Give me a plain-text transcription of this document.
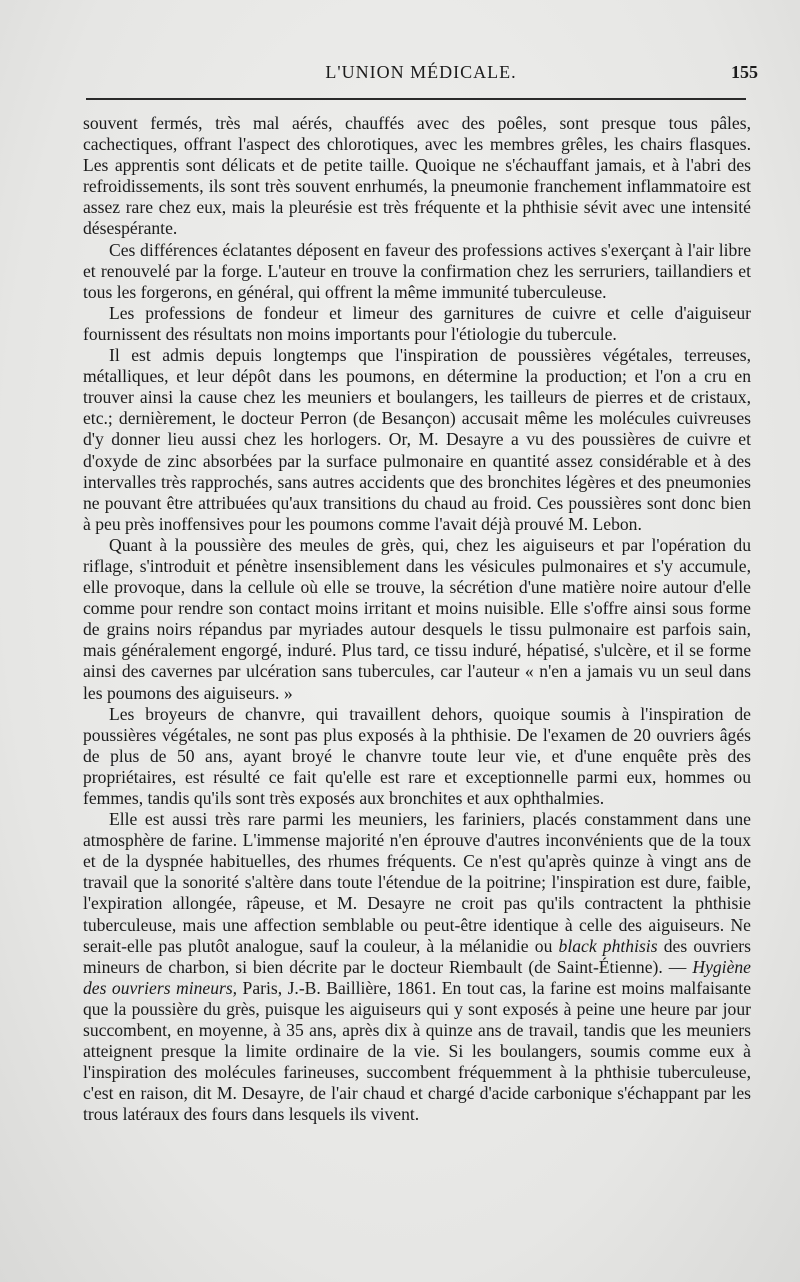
L'UNION MÉDICALE.	155

souvent fermés, très mal aérés, chauffés avec des poêles, sont presque tous pâles, cachectiques, offrant l'aspect des chlorotiques, avec les membres grêles, les chairs flasques. Les apprentis sont délicats et de petite taille. Quoique ne s'échauffant jamais, et à l'abri des refroidissements, ils sont très souvent enrhumés, la pneumonie franchement inflammatoire est assez rare chez eux, mais la pleurésie est très fréquente et la phthisie sévit avec une intensité désespérante.

Ces différences éclatantes déposent en faveur des professions actives s'exerçant à l'air libre et renouvelé par la forge. L'auteur en trouve la confirmation chez les serruriers, taillandiers et tous les forgerons, en général, qui offrent la même immunité tuberculeuse.

Les professions de fondeur et limeur des garnitures de cuivre et celle d'aiguiseur fournissent des résultats non moins importants pour l'étiologie du tubercule.

Il est admis depuis longtemps que l'inspiration de poussières végétales, terreuses, métalliques, et leur dépôt dans les poumons, en détermine la production; et l'on a cru en trouver ainsi la cause chez les meuniers et boulangers, les tailleurs de pierres et de cristaux, etc.; dernièrement, le docteur Perron (de Besançon) accusait même les molécules cuivreuses d'y donner lieu aussi chez les horlogers. Or, M. Desayre a vu des poussières de cuivre et d'oxyde de zinc absorbées par la surface pulmonaire en quantité assez considérable et à des intervalles très rapprochés, sans autres accidents que des bronchites légères et des pneumonies ne pouvant être attribuées qu'aux transitions du chaud au froid. Ces poussières sont donc bien à peu près inoffensives pour les poumons comme l'avait déjà prouvé M. Lebon.

Quant à la poussière des meules de grès, qui, chez les aiguiseurs et par l'opération du riflage, s'introduit et pénètre insensiblement dans les vésicules pulmonaires et s'y accumule, elle provoque, dans la cellule où elle se trouve, la sécrétion d'une matière noire autour d'elle comme pour rendre son contact moins irritant et moins nuisible. Elle s'offre ainsi sous forme de grains noirs répandus par myriades autour desquels le tissu pulmonaire est parfois sain, mais généralement engorgé, induré. Plus tard, ce tissu induré, hépatisé, s'ulcère, et il se forme ainsi des cavernes par ulcération sans tubercules, car l'auteur « n'en a jamais vu un seul dans les poumons des aiguiseurs. »

Les broyeurs de chanvre, qui travaillent dehors, quoique soumis à l'inspiration de poussières végétales, ne sont pas plus exposés à la phthisie. De l'examen de 20 ouvriers âgés de plus de 50 ans, ayant broyé le chanvre toute leur vie, et d'une enquête près des propriétaires, est résulté ce fait qu'elle est rare et exceptionnelle parmi eux, hommes ou femmes, tandis qu'ils sont très exposés aux bronchites et aux ophthalmies.

Elle est aussi très rare parmi les meuniers, les fariniers, placés constamment dans une atmosphère de farine. L'immense majorité n'en éprouve d'autres inconvénients que de la toux et de la dyspnée habituelles, des rhumes fréquents. Ce n'est qu'après quinze à vingt ans de travail que la sonorité s'altère dans toute l'étendue de la poitrine; l'inspiration est dure, faible, l'expiration allongée, râpeuse, et M. Desayre ne croit pas qu'ils contractent la phthisie tuberculeuse, mais une affection semblable ou peut-être identique à celle des aiguiseurs. Ne serait-elle pas plutôt analogue, sauf la couleur, à la mélanidie ou black phthisis des ouvriers mineurs de charbon, si bien décrite par le docteur Riembault (de Saint-Étienne). — Hygiène des ouvriers mineurs, Paris, J.-B. Baillière, 1861. En tout cas, la farine est moins malfaisante que la poussière du grès, puisque les aiguiseurs qui y sont exposés à peine une heure par jour succombent, en moyenne, à 35 ans, après dix à quinze ans de travail, tandis que les meuniers atteignent presque la limite ordinaire de la vie. Si les boulangers, soumis comme eux à l'inspiration des molécules farineuses, succombent fréquemment à la phthisie tuberculeuse, c'est en raison, dit M. Desayre, de l'air chaud et chargé d'acide carbonique s'échappant par les trous latéraux des fours dans lesquels ils vivent.
